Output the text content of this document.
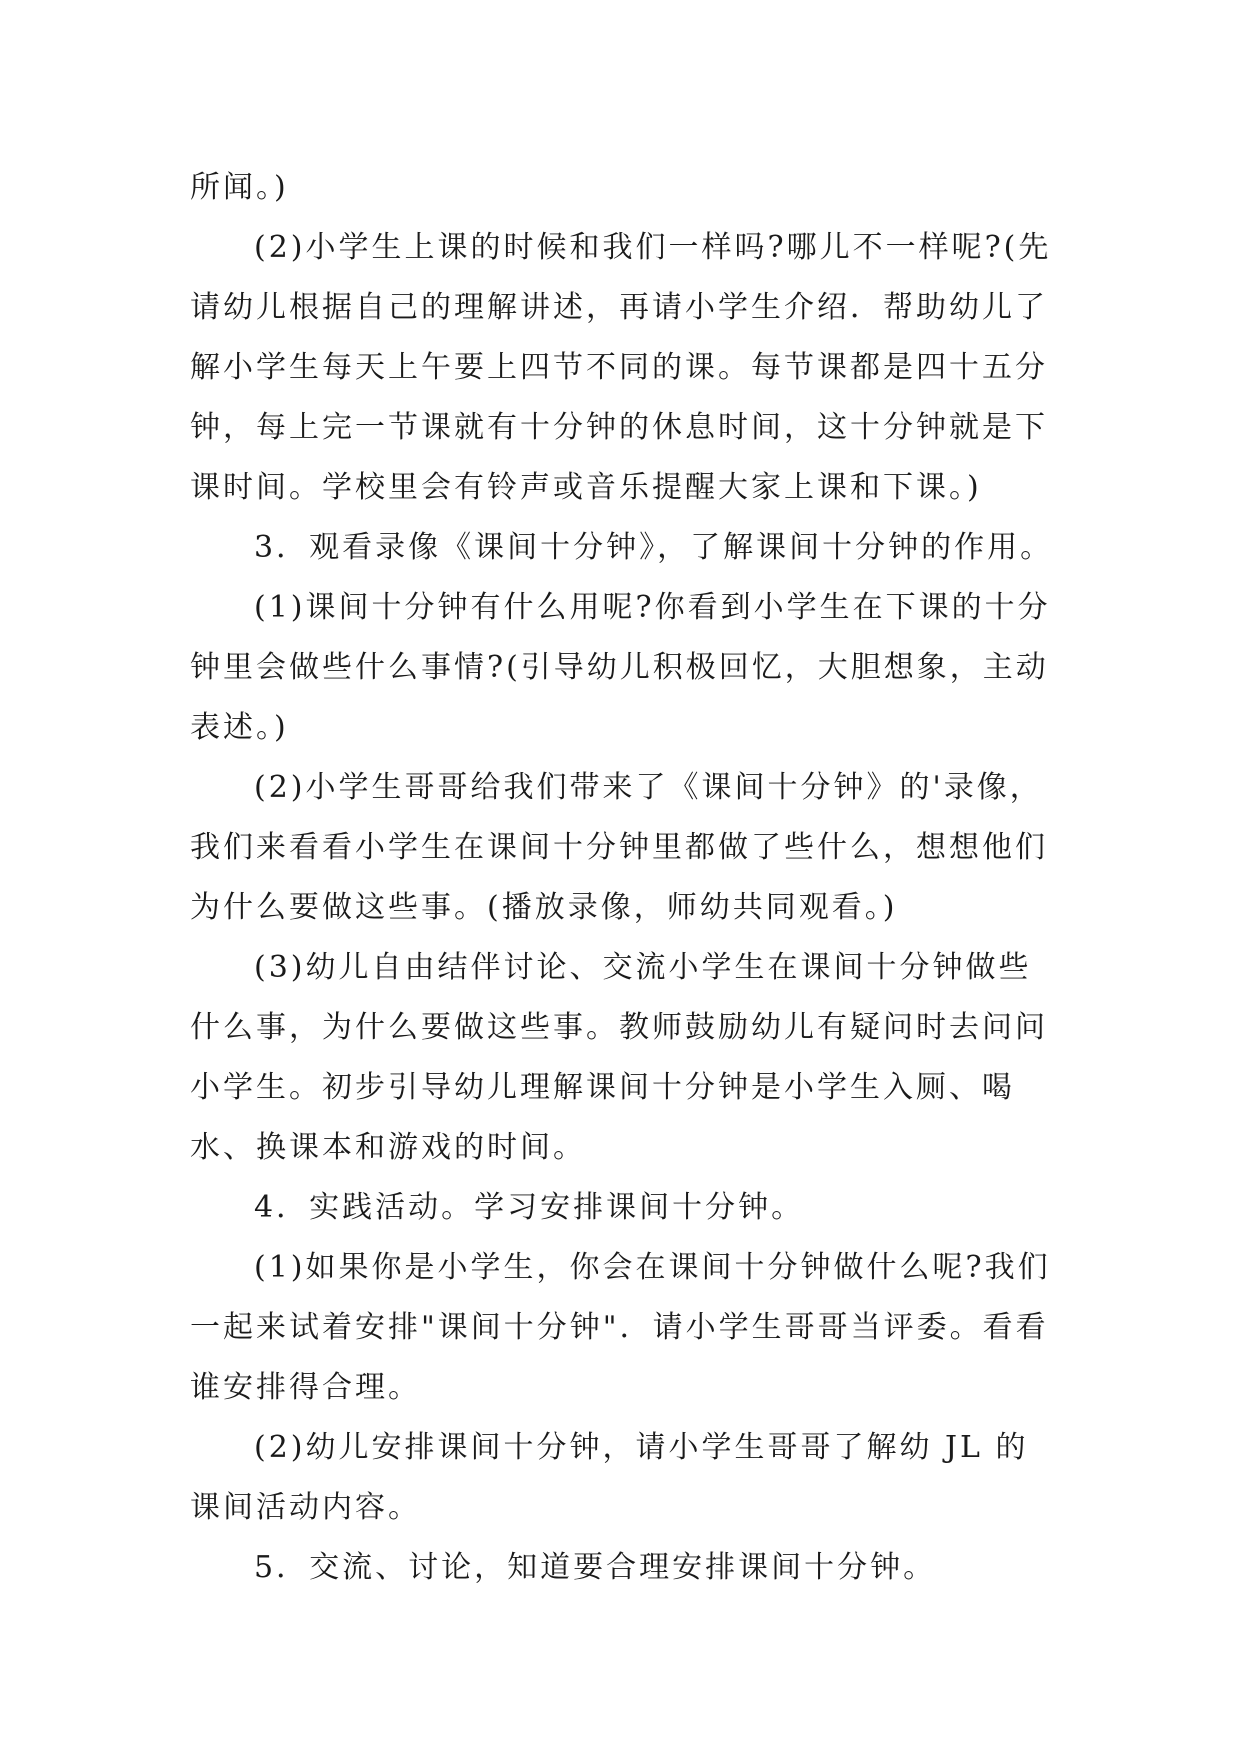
所闻。)

(2)小学生上课的时候和我们一样吗?哪儿不一样呢?(先请幼儿根据自己的理解讲述，再请小学生介绍．帮助幼儿了解小学生每天上午要上四节不同的课。每节课都是四十五分钟，每上完一节课就有十分钟的休息时间，这十分钟就是下课时间。学校里会有铃声或音乐提醒大家上课和下课。)

3．观看录像《课间十分钟》，了解课间十分钟的作用。

(1)课间十分钟有什么用呢?你看到小学生在下课的十分钟里会做些什么事情?(引导幼儿积极回忆，大胆想象，主动表述。)

(2)小学生哥哥给我们带来了《课间十分钟》的'录像，我们来看看小学生在课间十分钟里都做了些什么，想想他们为什么要做这些事。(播放录像，师幼共同观看。)

(3)幼儿自由结伴讨论、交流小学生在课间十分钟做些什么事，为什么要做这些事。教师鼓励幼儿有疑问时去问问小学生。初步引导幼儿理解课间十分钟是小学生入厕、喝水、换课本和游戏的时间。

4．实践活动。学习安排课间十分钟。

(1)如果你是小学生，你会在课间十分钟做什么呢?我们一起来试着安排"课间十分钟"．请小学生哥哥当评委。看看谁安排得合理。

(2)幼儿安排课间十分钟，请小学生哥哥了解幼 JL 的课间活动内容。

5．交流、讨论，知道要合理安排课间十分钟。
